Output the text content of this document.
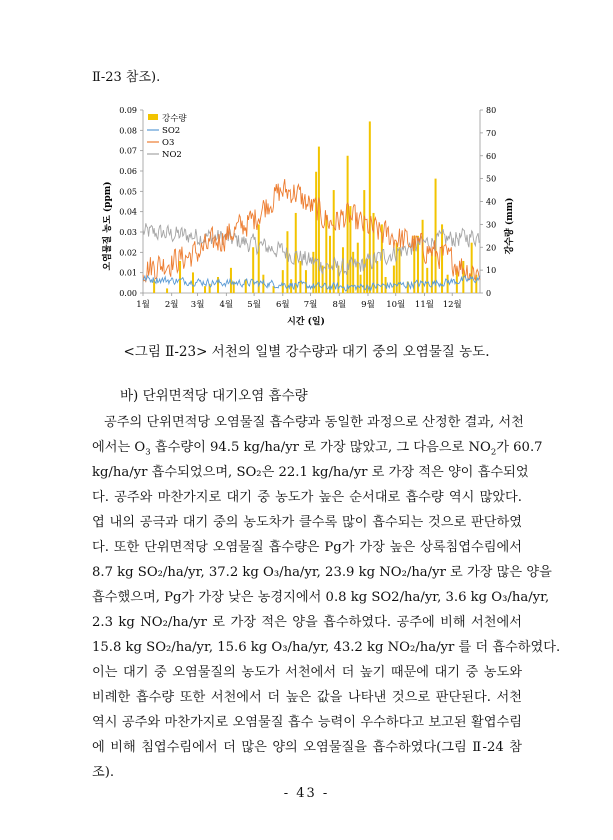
Ⅱ-23 참조).
0.00
0.01
0.02
0.03
0.04
0.05
0.06
0.07
0.08
0.09
0
10
20
30
40
50
60
70
80
1월 2월 3월 4월 5월 6월 7월 8월 9월 10월 11월 12월
강수량
SO2
O3
NO2
오염물질 농도 (ppm)	강수량 (mm)
시간 (일)
<그림 Ⅱ-23> 서천의 일별 강수량과 대기 중의 오염물질 농도.
바) 단위면적당 대기오염 흡수량
공주의 단위면적당 오염물질 흡수량과 동일한 과정으로 산정한 결과, 서천
에서는 $O_3$ 흡수량이 94.5 kg/ha/yr 로 가장 많았고, 그 다음으로 $NO_2$가 60.7
kg/ha/yr 흡수되었으며, SO₂은 22.1 kg/ha/yr 로 가장 적은 양이 흡수되었
다. 공주와 마찬가지로 대기 중 농도가 높은 순서대로 흡수량 역시 많았다.
엽 내의 공극과 대기 중의 농도차가 클수록 많이 흡수되는 것으로 판단하였
다. 또한 단위면적당 오염물질 흡수량은 Pg가 가장 높은 상록침엽수림에서
8.7 kg SO₂/ha/yr, 37.2 kg O₃/ha/yr, 23.9 kg NO₂/ha/yr 로 가장 많은 양을
흡수했으며, Pg가 가장 낮은 농경지에서 0.8 kg SO2/ha/yr, 3.6 kg O₃/ha/yr,
2.3 kg NO₂/ha/yr 로 가장 적은 양을 흡수하였다. 공주에 비해 서천에서
15.8 kg SO₂/ha/yr, 15.6 kg O₃/ha/yr, 43.2 kg NO₂/ha/yr 를 더 흡수하였다.
이는 대기 중 오염물질의 농도가 서천에서 더 높기 때문에 대기 중 농도와
비례한 흡수량 또한 서천에서 더 높은 값을 나타낸 것으로 판단된다. 서천
역시 공주와 마찬가지로 오염물질 흡수 능력이 우수하다고 보고된 활엽수림
에 비해 침엽수림에서 더 많은 양의 오염물질을 흡수하였다(그림 Ⅱ-24 참
조).
- 43 -
